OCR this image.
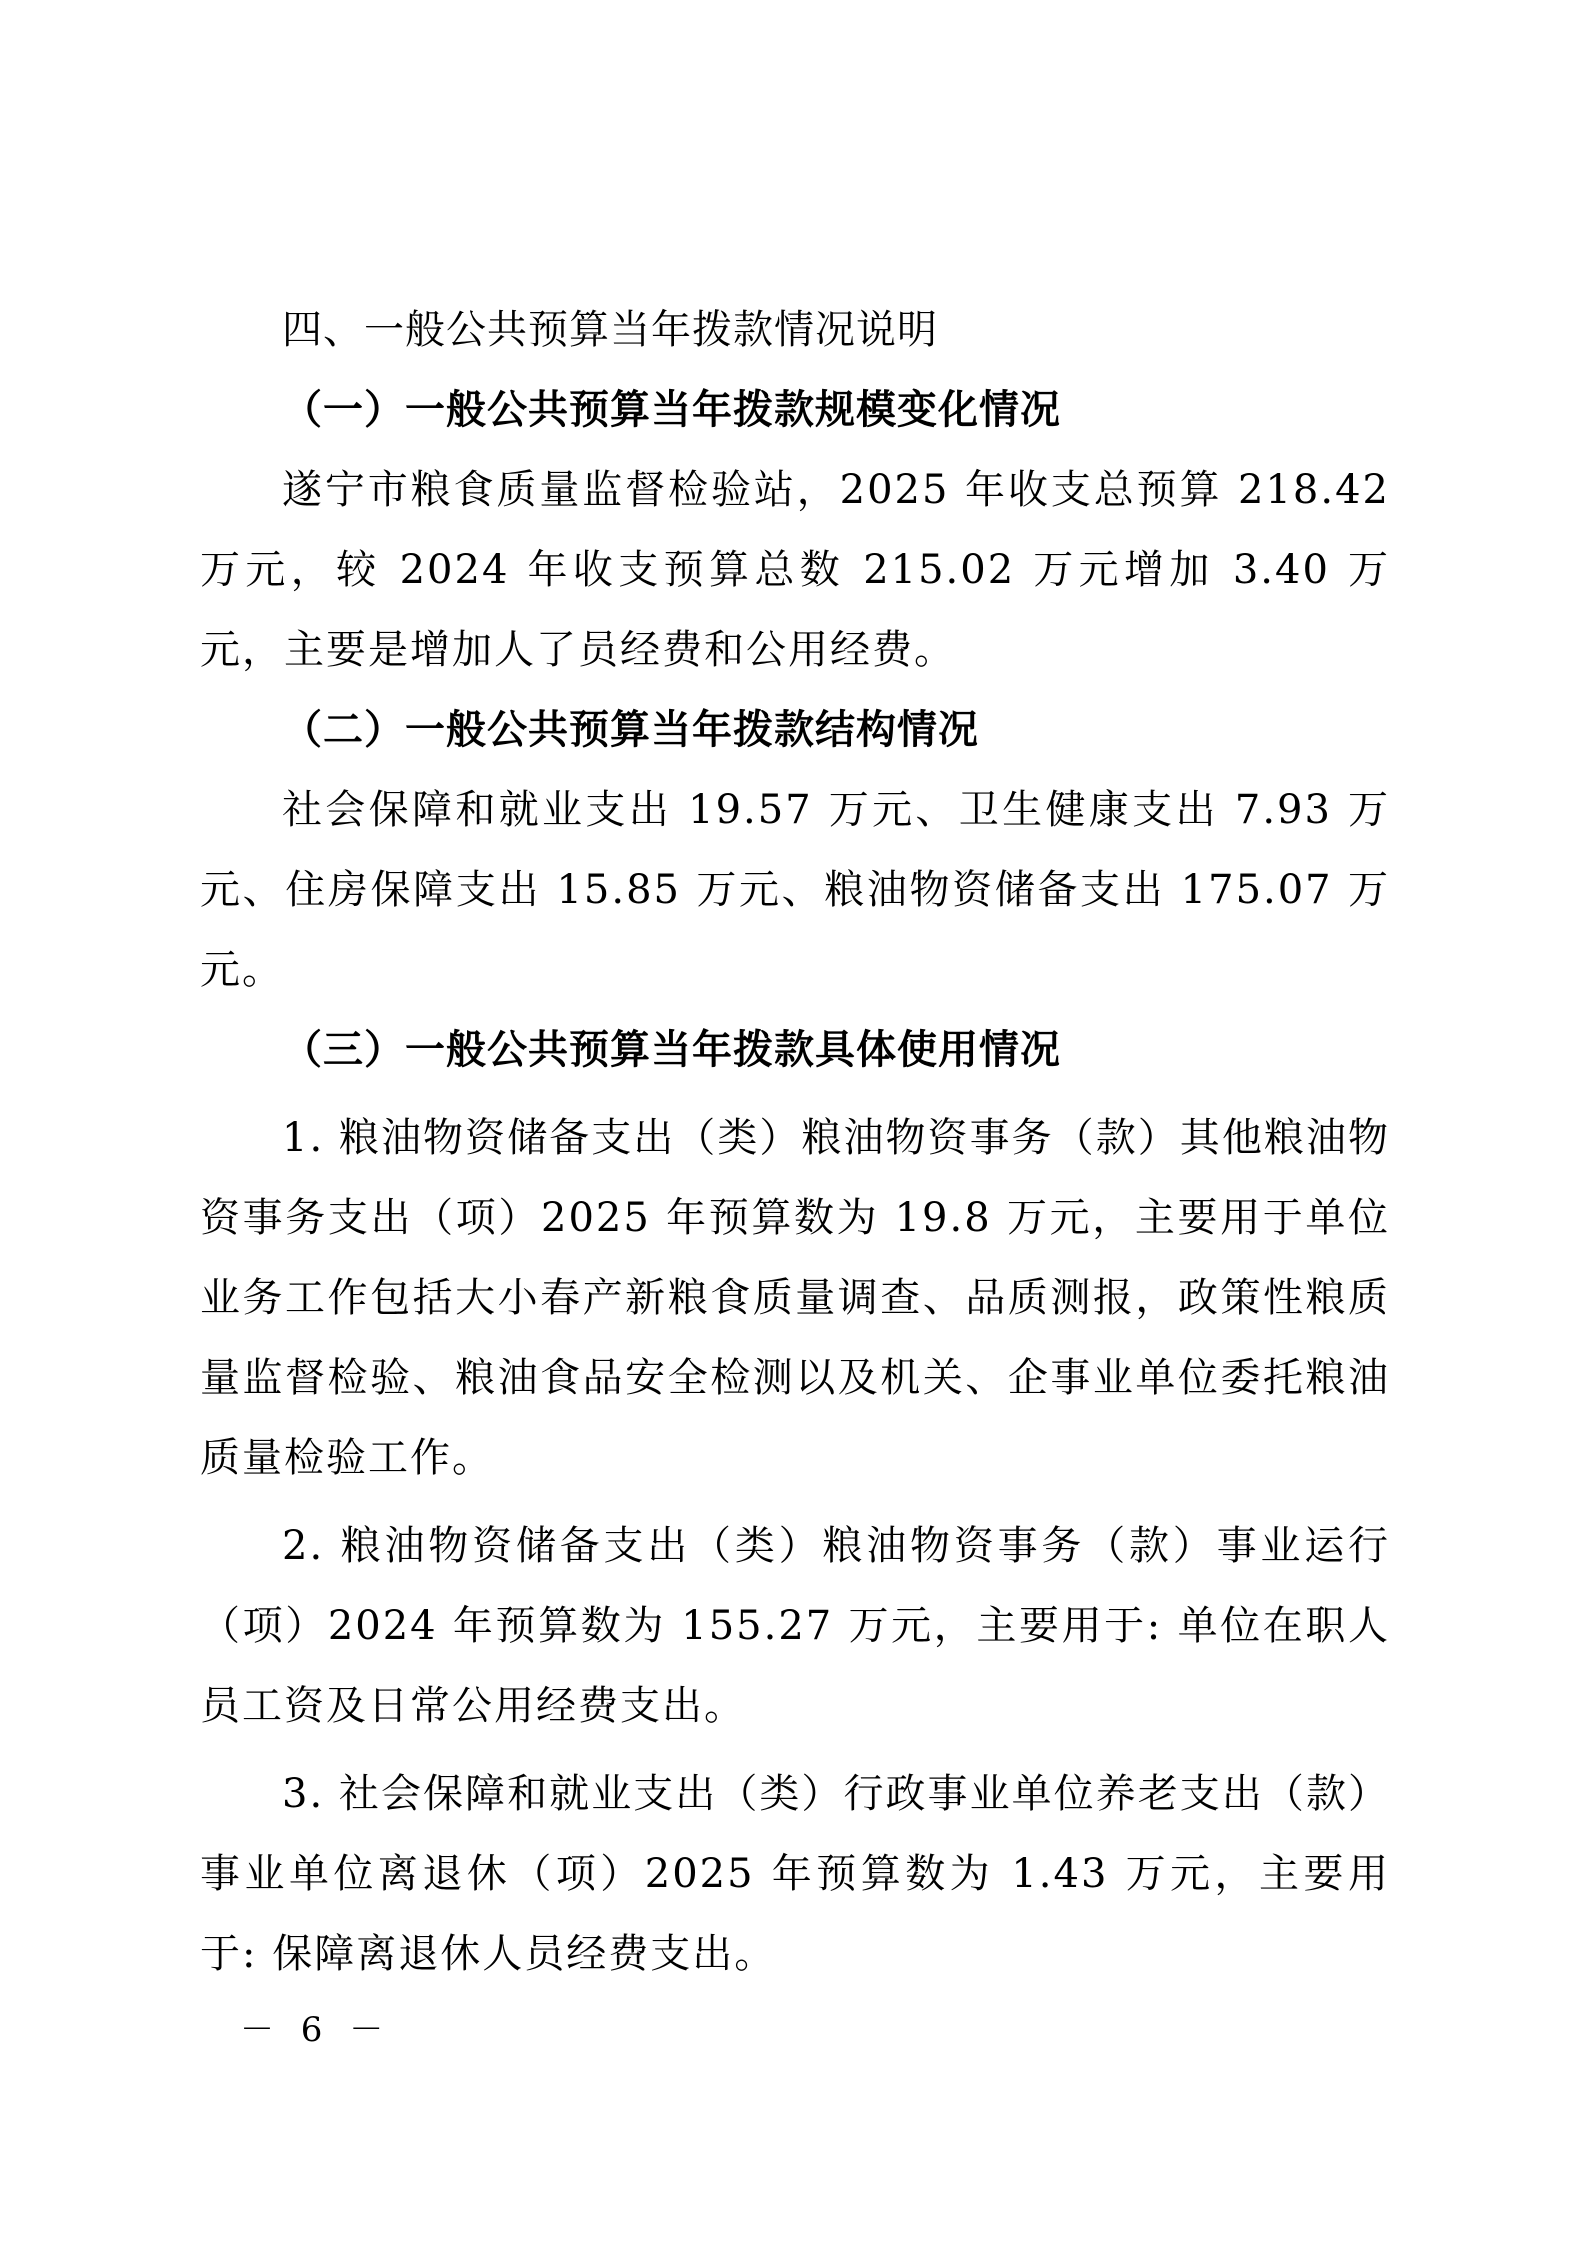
四、一般公共预算当年拨款情况说明

（一）一般公共预算当年拨款规模变化情况

遂宁市粮食质量监督检验站，2025 年收支总预算 218.42 万元，较 2024 年收支预算总数 215.02 万元增加 3.40 万元，主要是增加人了员经费和公用经费。

（二）一般公共预算当年拨款结构情况

社会保障和就业支出 19.57 万元、卫生健康支出 7.93 万元、住房保障支出 15.85 万元、粮油物资储备支出 175.07 万元。

（三）一般公共预算当年拨款具体使用情况

1. 粮油物资储备支出（类）粮油物资事务（款）其他粮油物资事务支出（项）2025 年预算数为 19.8 万元，主要用于单位业务工作包括大小春产新粮食质量调查、品质测报，政策性粮质量监督检验、粮油食品安全检测以及机关、企事业单位委托粮油质量检验工作。

2. 粮油物资储备支出（类）粮油物资事务（款）事业运行（项）2024 年预算数为 155.27 万元，主要用于: 单位在职人员工资及日常公用经费支出。

3. 社会保障和就业支出（类）行政事业单位养老支出（款）事业单位离退休（项）2025 年预算数为 1.43 万元，主要用于: 保障离退休人员经费支出。

－ 6 －
